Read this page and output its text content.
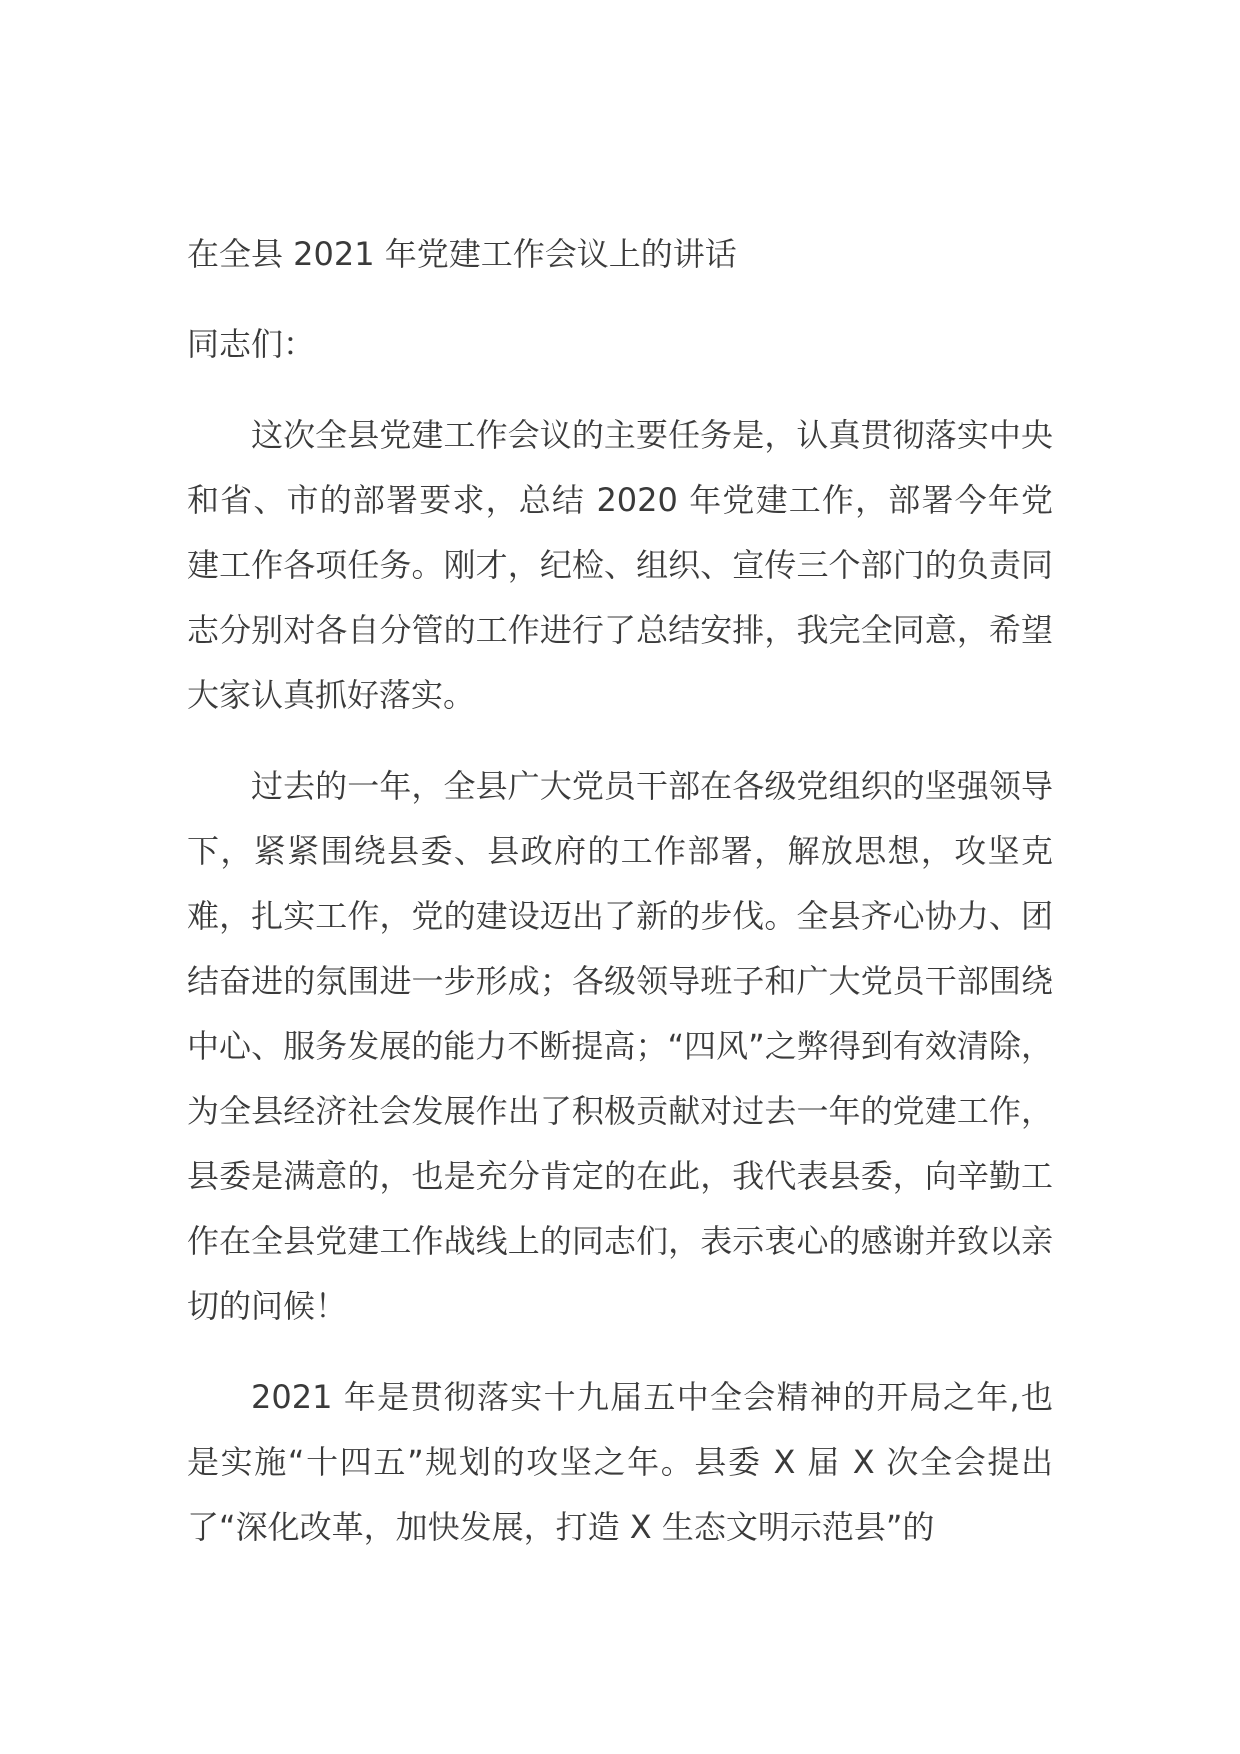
在全县 2021 年党建工作会议上的讲话
同志们：
这次全县党建工作会议的主要任务是，认真贯彻落实中央和省、市的部署要求，总结 2020 年党建工作，部署今年党建工作各项任务。刚才，纪检、组织、宣传三个部门的负责同志分别对各自分管的工作进行了总结安排，我完全同意，希望大家认真抓好落实。
过去的一年，全县广大党员干部在各级党组织的坚强领导下，紧紧围绕县委、县政府的工作部署，解放思想，攻坚克难，扎实工作，党的建设迈出了新的步伐。全县齐心协力、团结奋进的氛围进一步形成；各级领导班子和广大党员干部围绕中心、服务发展的能力不断提高；“四风”之弊得到有效清除，为全县经济社会发展作出了积极贡献对过去一年的党建工作，县委是满意的，也是充分肯定的在此，我代表县委，向辛勤工作在全县党建工作战线上的同志们，表示衷心的感谢并致以亲切的问候！
2021 年是贯彻落实十九届五中全会精神的开局之年,也是实施“十四五”规划的攻坚之年。县委 X 届 X 次全会提出了“深化改革，加快发展，打造 X 生态文明示范县”的
